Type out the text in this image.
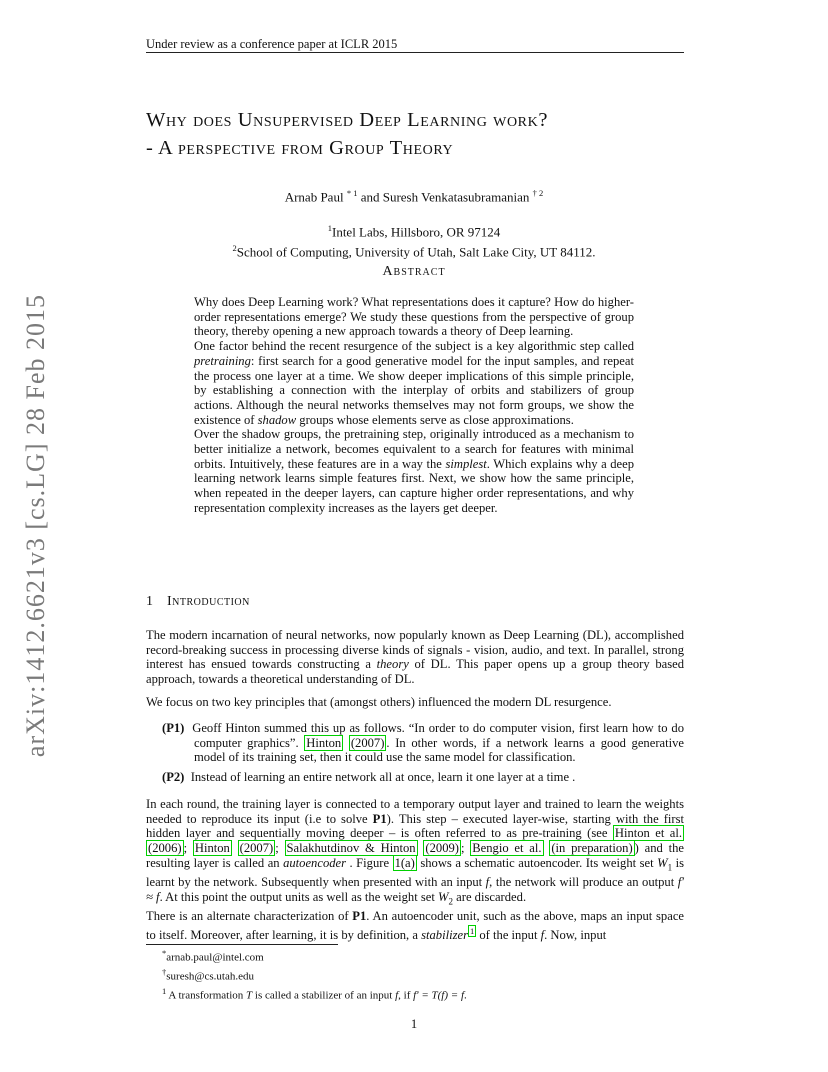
Under review as a conference paper at ICLR 2015
arXiv:1412.6621v3 [cs.LG] 28 Feb 2015
Why does Unsupervised Deep Learning work?
- A perspective from Group Theory
Arnab Paul $^{* 1}$ and Suresh Venkatasubramanian $^{\dagger 2}$
$^1$Intel Labs, Hillsboro, OR 97124
$^2$School of Computing, University of Utah, Salt Lake City, UT 84112.
Abstract

Why does Deep Learning work? What representations does it capture? How do higher-order representations emerge? We study these questions from the perspective of group theory, thereby opening a new approach towards a theory of Deep learning.

One factor behind the recent resurgence of the subject is a key algorithmic step called pretraining: first search for a good generative model for the input samples, and repeat the process one layer at a time. We show deeper implications of this simple principle, by establishing a connection with the interplay of orbits and stabilizers of group actions. Although the neural networks themselves may not form groups, we show the existence of shadow groups whose elements serve as close approximations.

Over the shadow groups, the pretraining step, originally introduced as a mechanism to better initialize a network, becomes equivalent to a search for features with minimal orbits. Intuitively, these features are in a way the simplest. Which explains why a deep learning network learns simple features first. Next, we show how the same principle, when repeated in the deeper layers, can capture higher order representations, and why representation complexity increases as the layers get deeper.

1 Introduction

The modern incarnation of neural networks, now popularly known as Deep Learning (DL), accomplished record-breaking success in processing diverse kinds of signals - vision, audio, and text. In parallel, strong interest has ensued towards constructing a theory of DL. This paper opens up a group theory based approach, towards a theoretical understanding of DL.

We focus on two key principles that (amongst others) influenced the modern DL resurgence.
(P1) Geoff Hinton summed this up as follows. “In order to do computer vision, first learn how to do computer graphics”. Hinton (2007) . In other words, if a network learns a good generative model of its training set, then it could use the same model for classification.
(P2) Instead of learning an entire network all at once, learn it one layer at a time .

In each round, the training layer is connected to a temporary output layer and trained to learn the weights needed to reproduce its input (i.e to solve P1). This step – executed layer-wise, starting with the first hidden layer and sequentially moving deeper – is often referred to as pre-training (see Hinton et al. (2006) ; Hinton (2007) ; Salakhutdinov & Hinton (2009) ; Bengio et al. (in preparation) ) and the resulting layer is called an autoencoder . Figure 1(a) shows a schematic autoencoder. Its weight set $W_1$ is learnt by the network. Subsequently when presented with an input f, the network will produce an output f′ ≈ f. At this point the output units as well as the weight set $W_2$ are discarded.

There is an alternate characterization of P1. An autoencoder unit, such as the above, maps an input space to itself. Moreover, after learning, it is by definition, a stabilizer $^1$ of the input f. Now, input

*arnab.paul@intel.com
†suresh@cs.utah.edu
$^1$ A transformation T is called a stabilizer of an input f, if f′ = T(f) = f.
1
